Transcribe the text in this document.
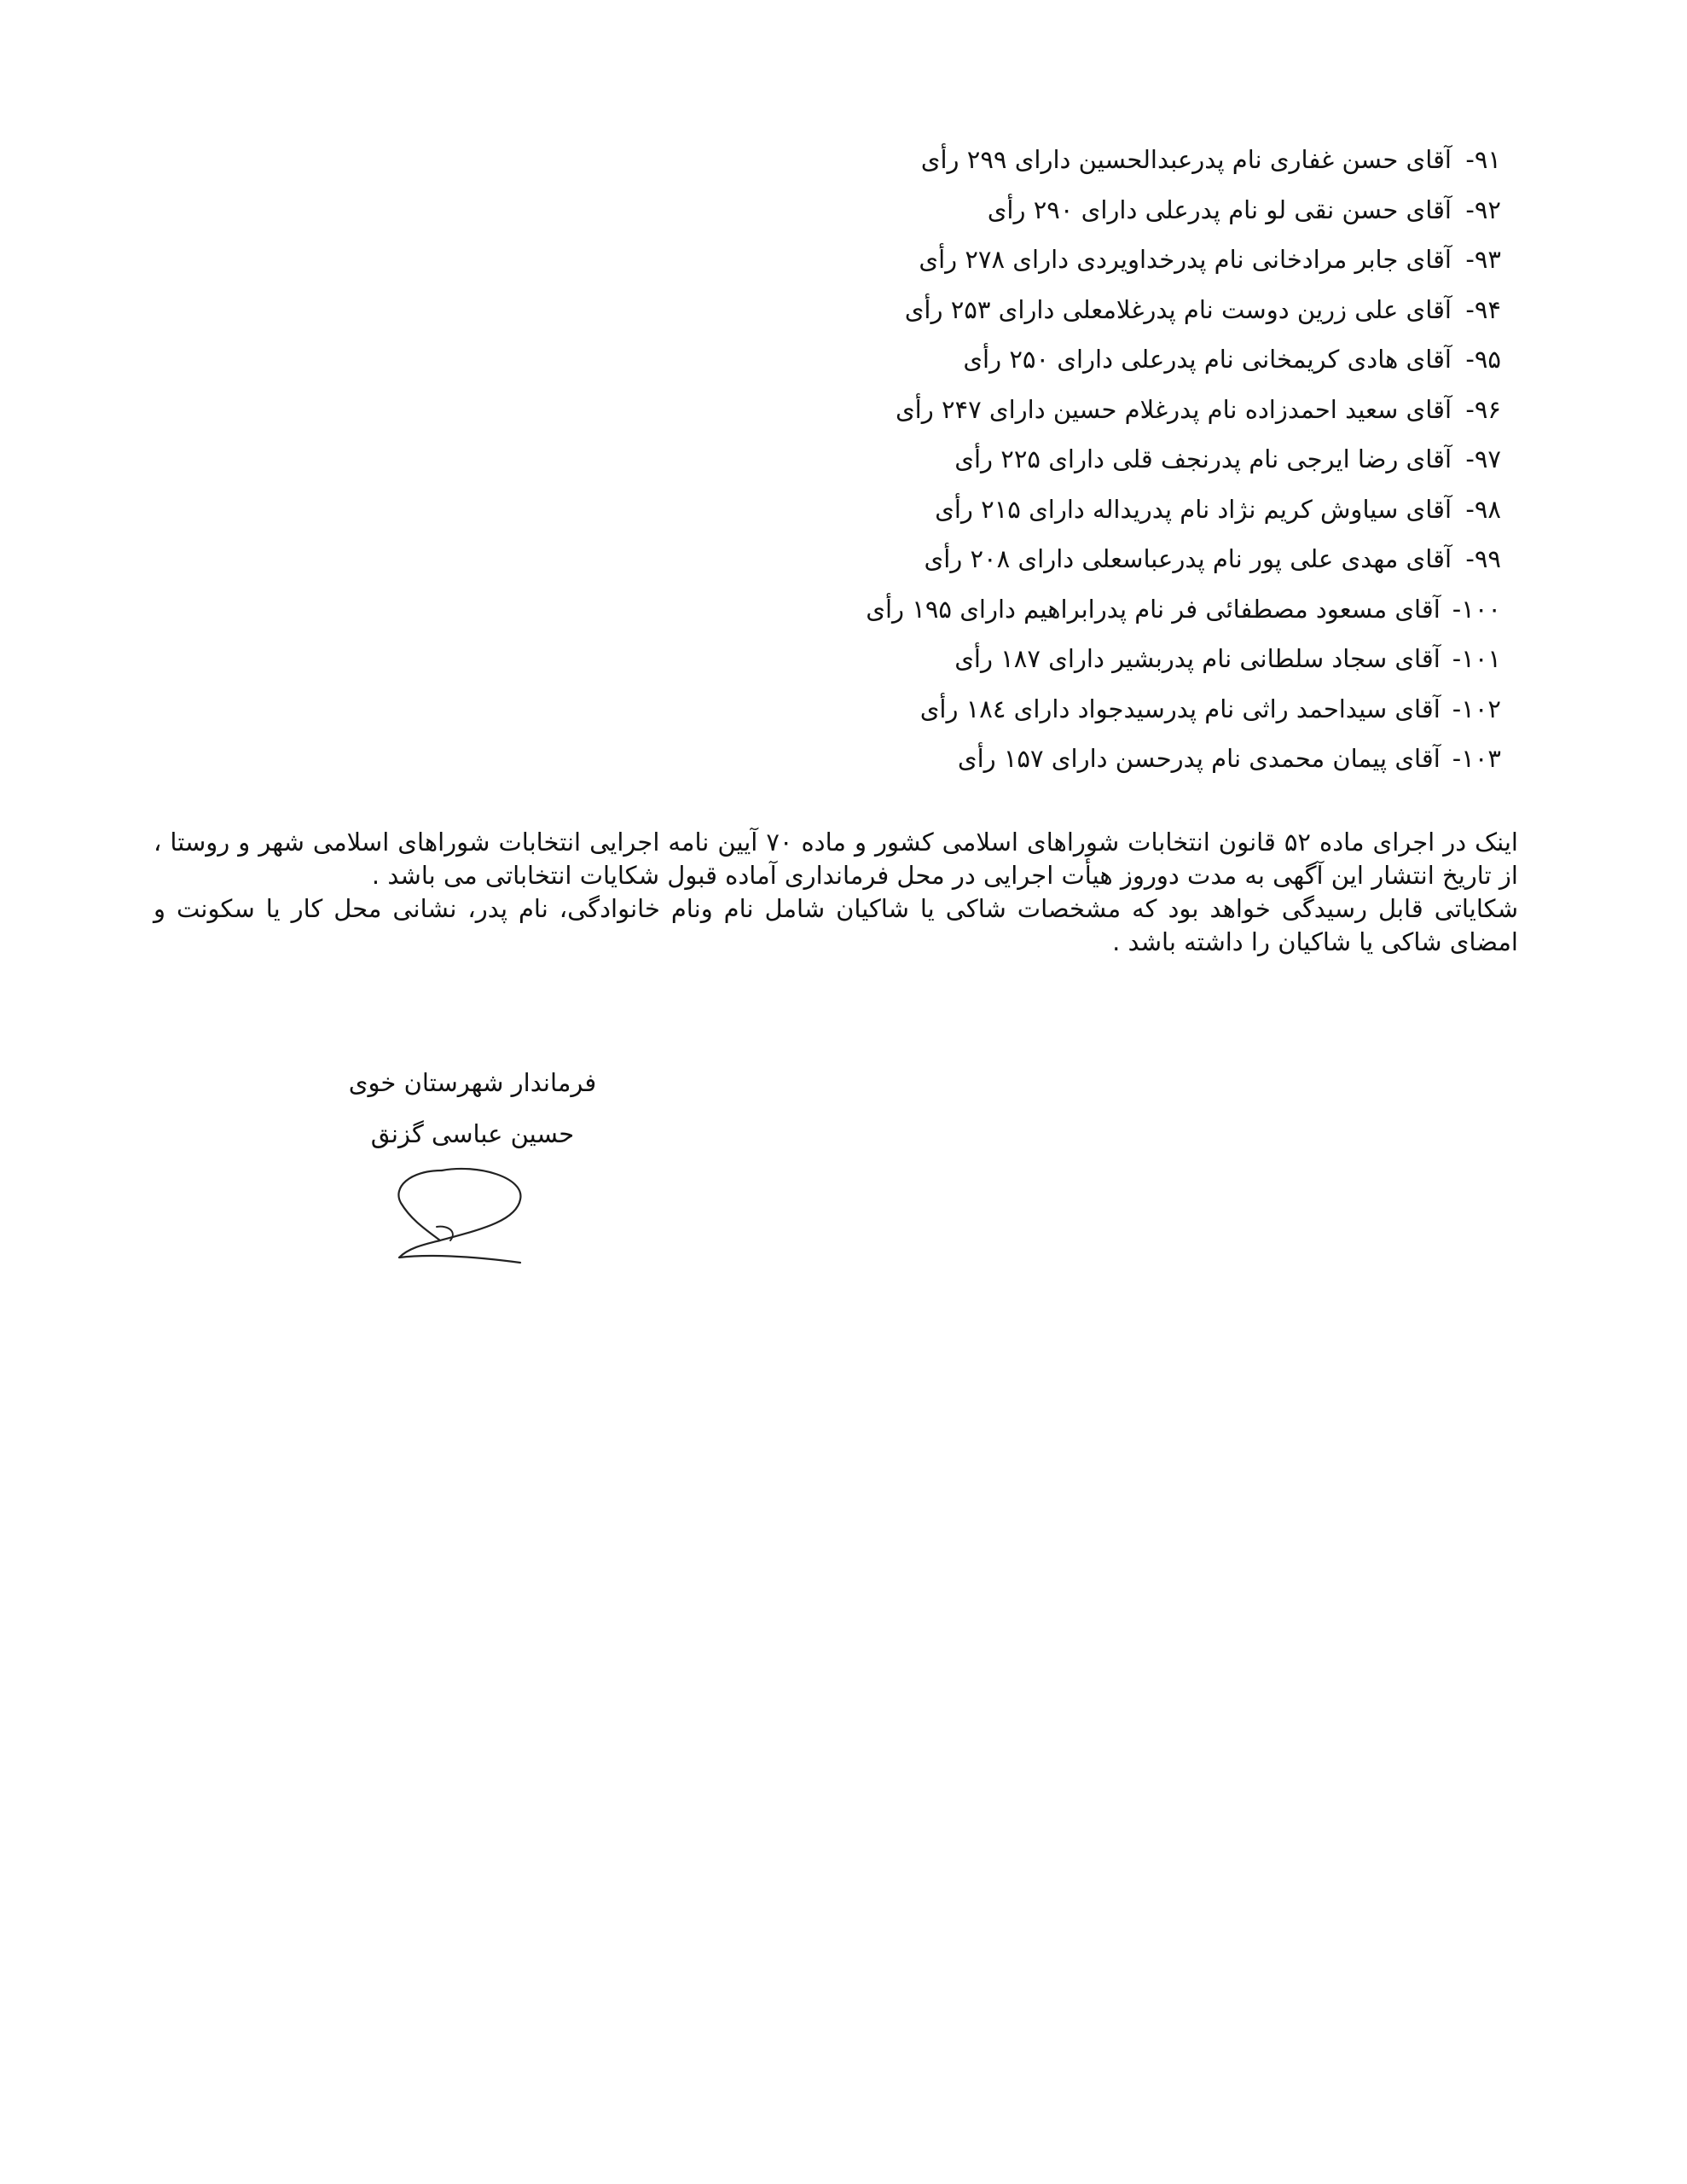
۹۱-آقای حسن غفاری نام پدرعبدالحسین دارای ۲۹۹ رأی
۹۲-آقای حسن نقی لو نام پدرعلی دارای ۲۹۰ رأی
۹۳-آقای جابر مرادخانی نام پدرخداویردی دارای ۲۷۸ رأی
۹۴-آقای علی زرین دوست نام پدرغلامعلی دارای ۲۵۳ رأی
۹۵-آقای هادی کریمخانی نام پدرعلی دارای ۲۵۰ رأی
۹۶-آقای سعید احمدزاده نام پدرغلام حسین دارای ۲۴۷ رأی
۹۷-آقای رضا ایرجی نام پدرنجف قلی دارای ۲۲۵ رأی
۹۸-آقای سیاوش کریم نژاد نام پدریداله دارای ۲۱۵ رأی
۹۹-آقای مهدی علی پور نام پدرعباسعلی دارای ۲۰۸ رأی
۱۰۰-آقای مسعود مصطفائی فر نام پدرابراهیم دارای ۱۹۵ رأی
۱۰۱-آقای سجاد سلطانی نام پدربشیر دارای ۱۸۷ رأی
۱۰۲-آقای سیداحمد راثی نام پدرسیدجواد دارای ۱۸٤ رأی
۱۰۳-آقای پیمان محمدی نام پدرحسن دارای ۱۵۷ رأی

اینک در اجرای ماده ۵۲ قانون انتخابات شوراهای اسلامی کشور و ماده ۷۰ آیین نامه اجرایی انتخابات شوراهای اسلامی شهر و روستا ، از تاریخ انتشار این آگهی به مدت دوروز هیأت اجرایی در محل فرمانداری آماده قبول شکایات انتخاباتی می باشد .

شکایاتی قابل رسیدگی خواهد بود که مشخصات شاکی یا شاکیان شامل نام ونام خانوادگی، نام پدر، نشانی محل کار یا سکونت و امضای شاکی یا شاکیان را داشته باشد .

فرماندار شهرستان خوی
حسین عباسی گزنق
